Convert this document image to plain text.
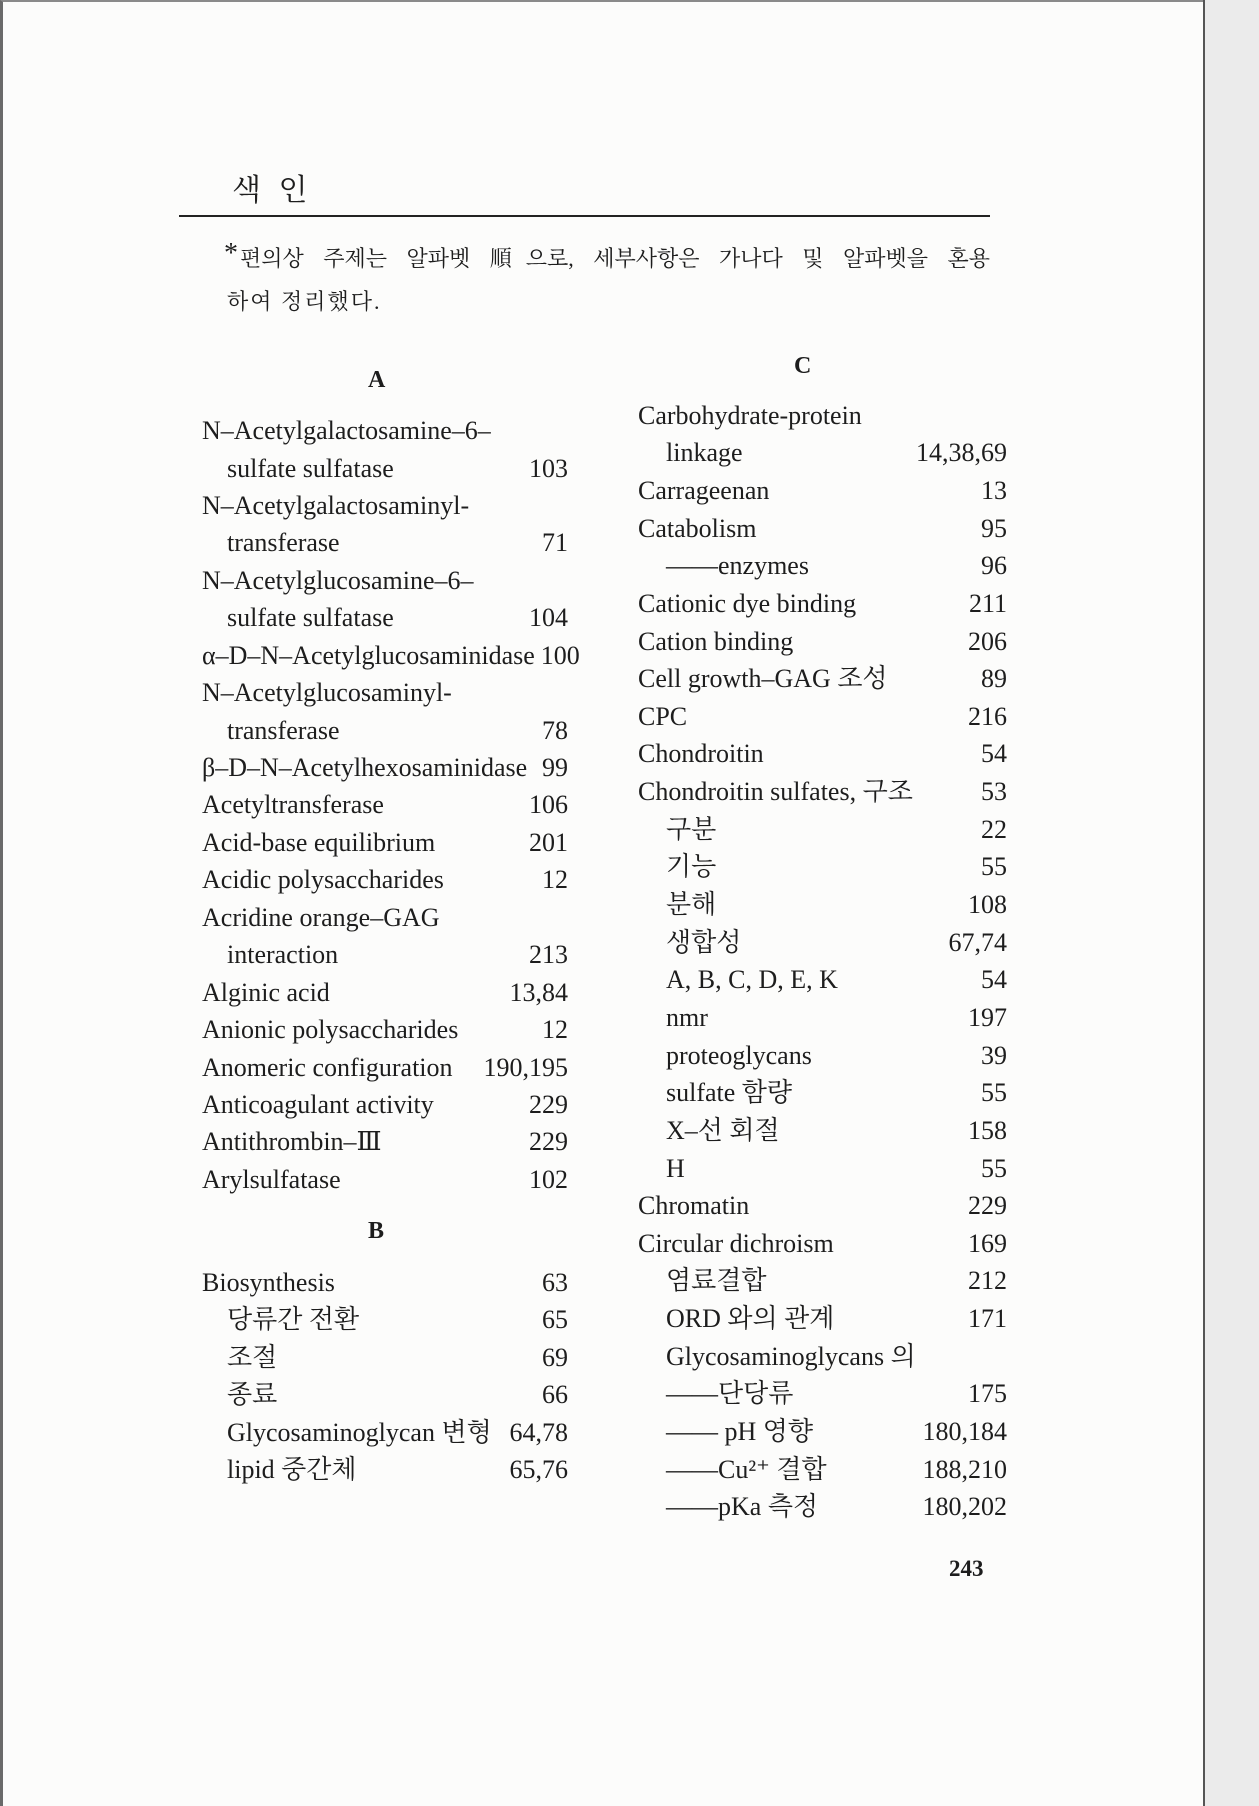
색 인
*편의상 주제는 알파벳 順으로, 세부사항은 가나다 및 알파벳을 혼용
하여 정리했다.
A
N–Acetylgalactosamine–6–
sulfate sulfatase	103
N–Acetylgalactosaminyl-
transferase	71
N–Acetylglucosamine–6–
sulfate sulfatase	104
α–D–N–Acetylglucosaminidase 100
N–Acetylglucosaminyl-
transferase	78
β–D–N–Acetylhexosaminidase 99
Acetyltransferase	106
Acid-base equilibrium	201
Acidic polysaccharides	12
Acridine orange–GAG
interaction	213
Alginic acid	13,84
Anionic polysaccharides	12
Anomeric configuration 190,195
Anticoagulant activity	229
Antithrombin–Ⅲ	229
Arylsulfatase	102
B
Biosynthesis	63
당류간 전환	65
조절	69
종료	66
Glycosaminoglycan 변형 64,78
lipid 중간체	65,76
C
Carbohydrate-protein
linkage	14,38,69
Carrageenan	13
Catabolism	95
——enzymes	96
Cationic dye binding	211
Cation binding	206
Cell growth–GAG 조성	89
CPC	216
Chondroitin	54
Chondroitin sulfates, 구조	53
구분	22
기능	55
분해	108
생합성	67,74
A, B, C, D, E, K	54
nmr	197
proteoglycans	39
sulfate 함량	55
X–선 회절	158
H	55
Chromatin	229
Circular dichroism	169
염료결합	212
ORD 와의 관계	171
Glycosaminoglycans 의
——단당류	175
—— pH 영향	180,184
——Cu²⁺ 결합	188,210
——pKa 측정	180,202
243
